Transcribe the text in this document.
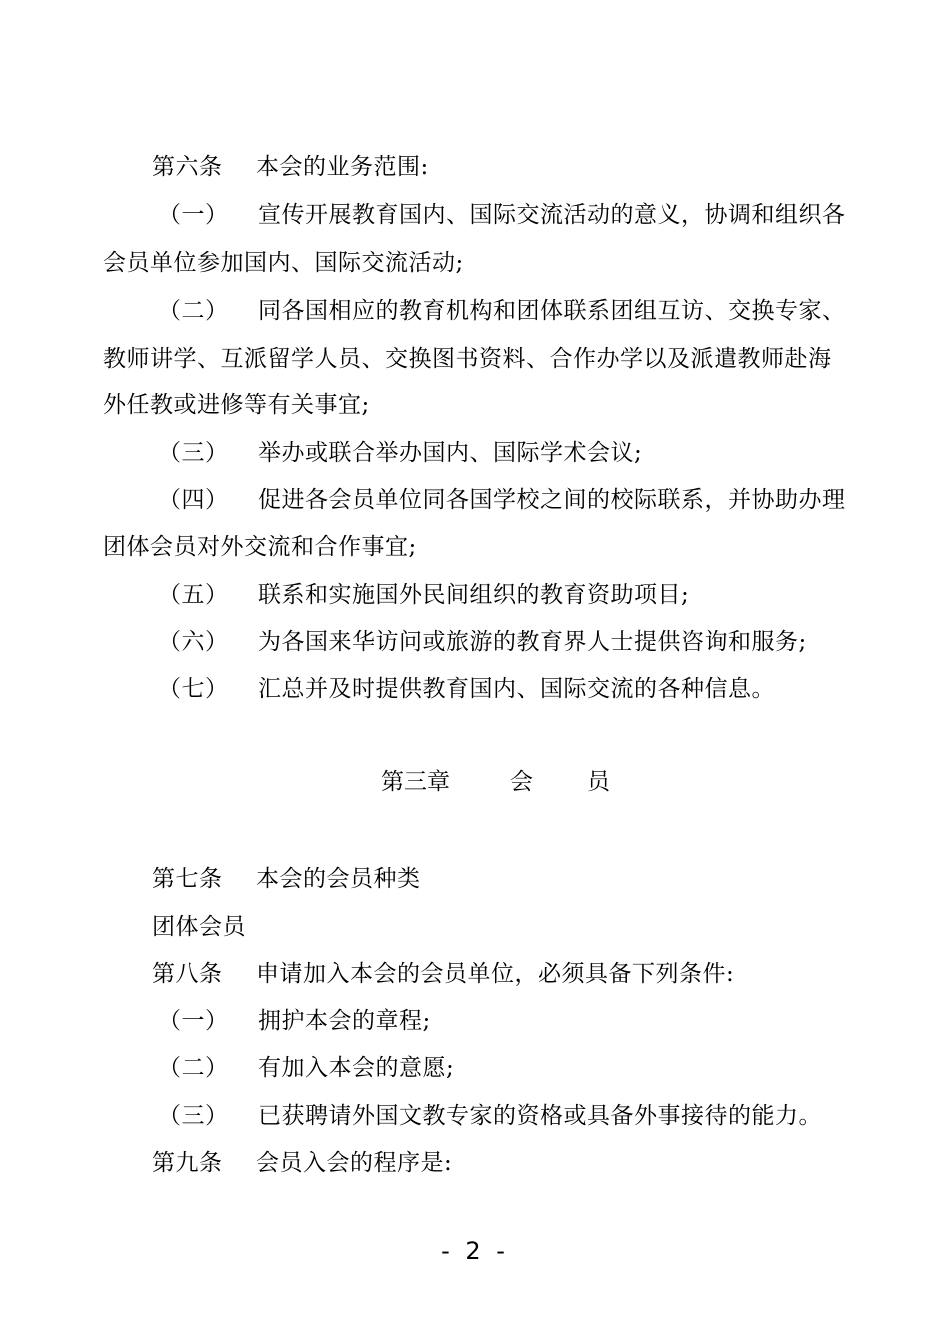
第六条 本会的业务范围:
（一） 宣传开展教育国内、国际交流活动的意义，协调和组织各
会员单位参加国内、国际交流活动;
（二） 同各国相应的教育机构和团体联系团组互访、交换专家、
教师讲学、互派留学人员、交换图书资料、合作办学以及派遣教师赴海
外任教或进修等有关事宜;
（三） 举办或联合举办国内、国际学术会议;
（四） 促进各会员单位同各国学校之间的校际联系，并协助办理
团体会员对外交流和合作事宜;
（五） 联系和实施国外民间组织的教育资助项目;
（六） 为各国来华访问或旅游的教育界人士提供咨询和服务;
（七） 汇总并及时提供教育国内、国际交流的各种信息。
第三章	会 员
第七条 本会的会员种类
团体会员
第八条 申请加入本会的会员单位，必须具备下列条件:
（一） 拥护本会的章程;
（二） 有加入本会的意愿;
（三） 已获聘请外国文教专家的资格或具备外事接待的能力。
第九条 会员入会的程序是:
- 2 -
